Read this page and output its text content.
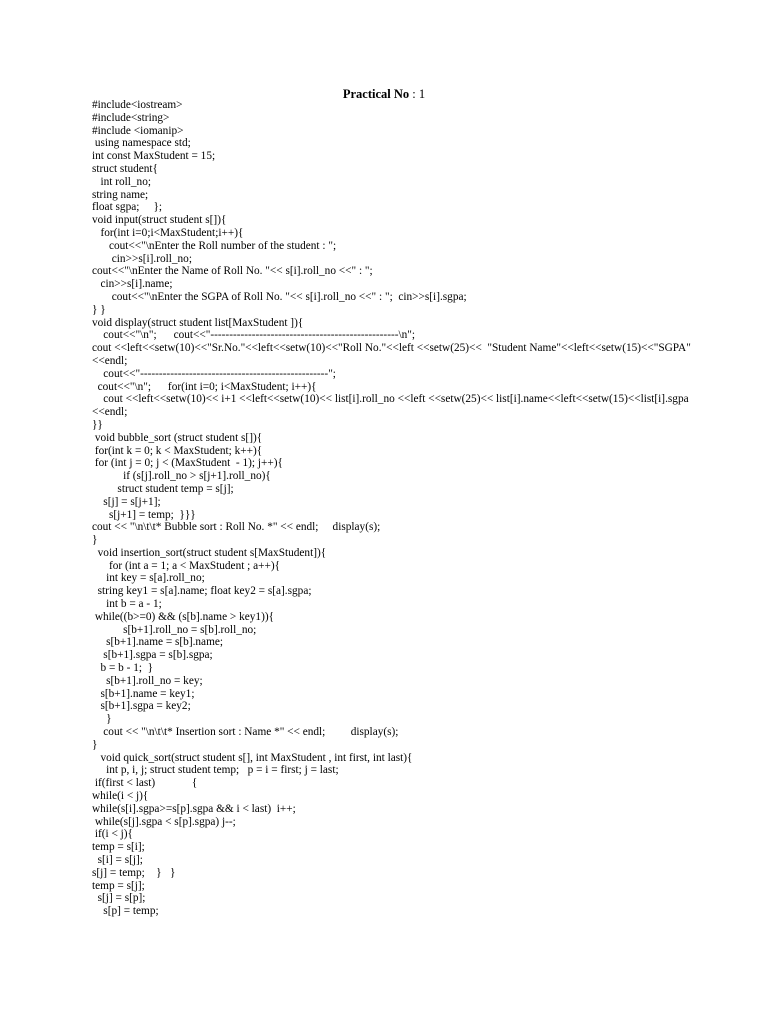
Practical No : 1
#include<iostream>
#include<string>
#include <iomanip>
using namespace std;
int const MaxStudent = 15;
struct student{
int roll_no;
string name;
float sgpa;     };
void input(struct student s[]){
for(int i=0;i<MaxStudent;i++){
cout<<"\nEnter the Roll number of the student : ";
cin>>s[i].roll_no;
cout<<"\nEnter the Name of Roll No. "<< s[i].roll_no <<" : ";
cin>>s[i].name;
cout<<"\nEnter the SGPA of Roll No. "<< s[i].roll_no <<" : ";  cin>>s[i].sgpa;
} }
void display(struct student list[MaxStudent ]){
cout<<"\n";      cout<<"--------------------------------------------------\n";
cout <<left<<setw(10)<<"Sr.No."<<left<<setw(10)<<"Roll No."<<left <<setw(25)<<  "Student Name"<<left<<setw(15)<<"SGPA"
<<endl;
cout<<"--------------------------------------------------";
cout<<"\n";      for(int i=0; i<MaxStudent; i++){
cout <<left<<setw(10)<< i+1 <<left<<setw(10)<< list[i].roll_no <<left <<setw(25)<< list[i].name<<left<<setw(15)<<list[i].sgpa
<<endl;
}}
void bubble_sort (struct student s[]){
for(int k = 0; k < MaxStudent; k++){
for (int j = 0; j < (MaxStudent  - 1); j++){
if (s[j].roll_no > s[j+1].roll_no){
struct student temp = s[j];
s[j] = s[j+1];
s[j+1] = temp;  }}}
cout << "\n\t\t* Bubble sort : Roll No. *" << endl;     display(s);
}
void insertion_sort(struct student s[MaxStudent]){
for (int a = 1; a < MaxStudent ; a++){
int key = s[a].roll_no;
string key1 = s[a].name; float key2 = s[a].sgpa;
int b = a - 1;
while((b>=0) && (s[b].name > key1)){
s[b+1].roll_no = s[b].roll_no;
s[b+1].name = s[b].name;
s[b+1].sgpa = s[b].sgpa;
b = b - 1;  }
s[b+1].roll_no = key;
s[b+1].name = key1;
s[b+1].sgpa = key2;
}
cout << "\n\t\t* Insertion sort : Name *" << endl;         display(s);
}
void quick_sort(struct student s[], int MaxStudent , int first, int last){
int p, i, j; struct student temp;   p = i = first; j = last;
if(first < last)             {
while(i < j){
while(s[i].sgpa>=s[p].sgpa && i < last)  i++;
while(s[j].sgpa < s[p].sgpa) j--;
if(i < j){
temp = s[i];
s[i] = s[j];
s[j] = temp;    }   }
temp = s[j];
s[j] = s[p];
s[p] = temp;
